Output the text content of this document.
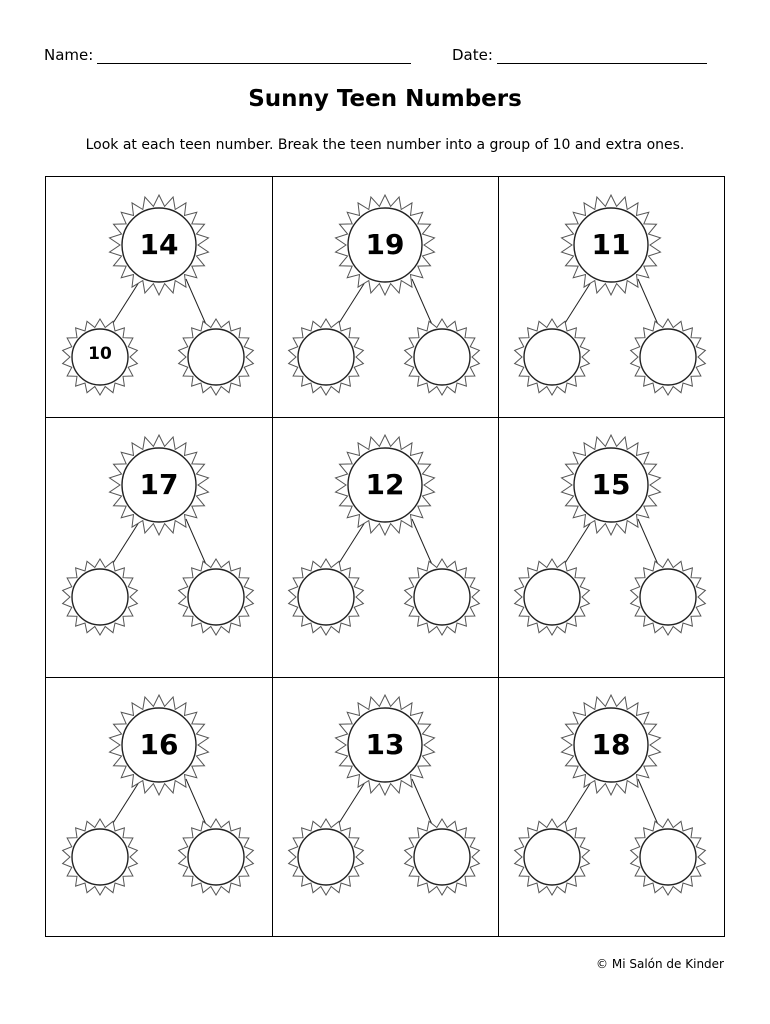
Name:	Date:
Sunny Teen Numbers
Look at each teen number. Break the teen number into a group of 10 and extra ones.
14
10
19	11
17	12	15
16	13	18
© Mi Salón de Kinder
